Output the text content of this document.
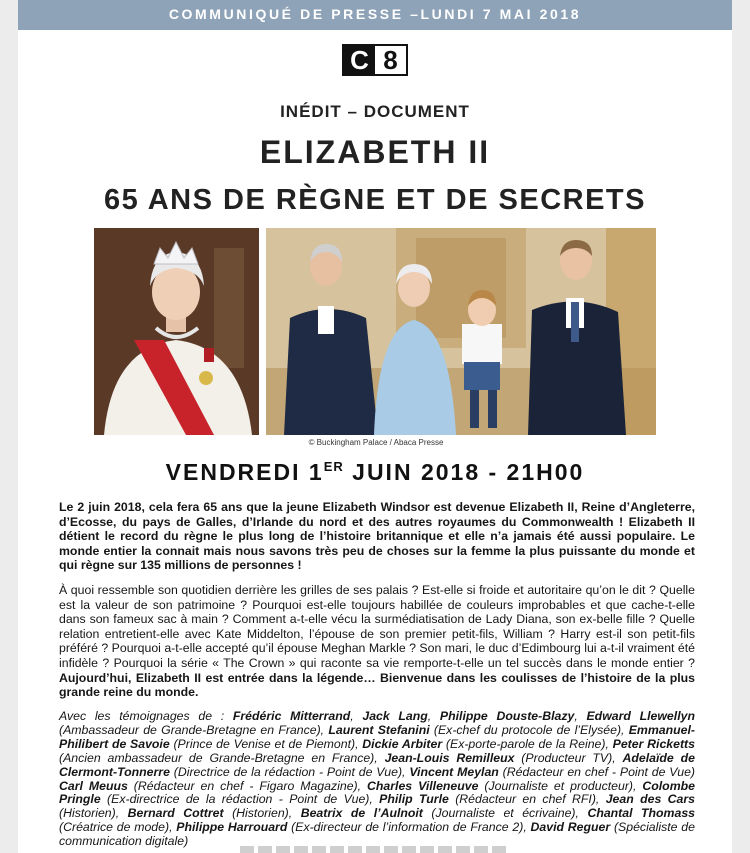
COMMUNIQUÉ DE PRESSE –LUNDI 7 MAI 2018
C 8
INÉDIT – DOCUMENT
ELIZABETH II
65 ANS DE RÈGNE ET DE SECRETS
© Buckingham Palace / Abaca Presse
VENDREDI 1ER JUIN 2018 - 21H00
Le 2 juin 2018, cela fera 65 ans que la jeune Elizabeth Windsor est devenue Elizabeth II, Reine d’Angleterre, d’Ecosse, du pays de Galles, d’Irlande du nord et des autres royaumes du Commonwealth ! Elizabeth II détient le record du règne le plus long de l’histoire britannique et elle n’a jamais été aussi populaire. Le monde entier la connait mais nous savons très peu de choses sur la femme la plus puissante du monde et qui règne sur 135 millions de personnes !
À quoi ressemble son quotidien derrière les grilles de ses palais ? Est-elle si froide et autoritaire qu’on le dit ? Quelle est la valeur de son patrimoine ? Pourquoi est-elle toujours habillée de couleurs improbables et que cache-t-elle dans son fameux sac à main ? Comment a-t-elle vécu la surmédiatisation de Lady Diana, son ex-belle fille ? Quelle relation entretient-elle avec Kate Middelton, l’épouse de son premier petit-fils, William ? Harry est-il son petit-fils préféré ? Pourquoi a-t-elle accepté qu’il épouse Meghan Markle ? Son mari, le duc d’Edimbourg lui a-t-il vraiment été infidèle ? Pourquoi la série « The Crown » qui raconte sa vie remporte-t-elle un tel succès dans le monde entier ? Aujourd’hui, Elizabeth II est entrée dans la légende… Bienvenue dans les coulisses de l’histoire de la plus grande reine du monde.
Avec les témoignages de : Frédéric Mitterrand, Jack Lang, Philippe Douste-Blazy, Edward Llewellyn (Ambassadeur de Grande-Bretagne en France), Laurent Stefanini (Ex-chef du protocole de l’Elysée), Emmanuel-Philibert de Savoie (Prince de Venise et de Piemont), Dickie Arbiter (Ex-porte-parole de la Reine), Peter Ricketts (Ancien ambassadeur de Grande-Bretagne en France), Jean-Louis Remilleux (Producteur TV), Adelaïde de Clermont-Tonnerre (Directrice de la rédaction - Point de Vue), Vincent Meylan (Rédacteur en chef - Point de Vue) Carl Meuus (Rédacteur en chef - Figaro Magazine), Charles Villeneuve (Journaliste et producteur), Colombe Pringle (Ex-directrice de la rédaction - Point de Vue), Philip Turle (Rédacteur en chef RFI), Jean des Cars (Historien), Bernard Cottret (Historien), Beatrix de l’Aulnoit (Journaliste et écrivaine), Chantal Thomass (Créatrice de mode), Philippe Harrouard (Ex-directeur de l’information de France 2), David Reguer (Spécialiste de communication digitale)
